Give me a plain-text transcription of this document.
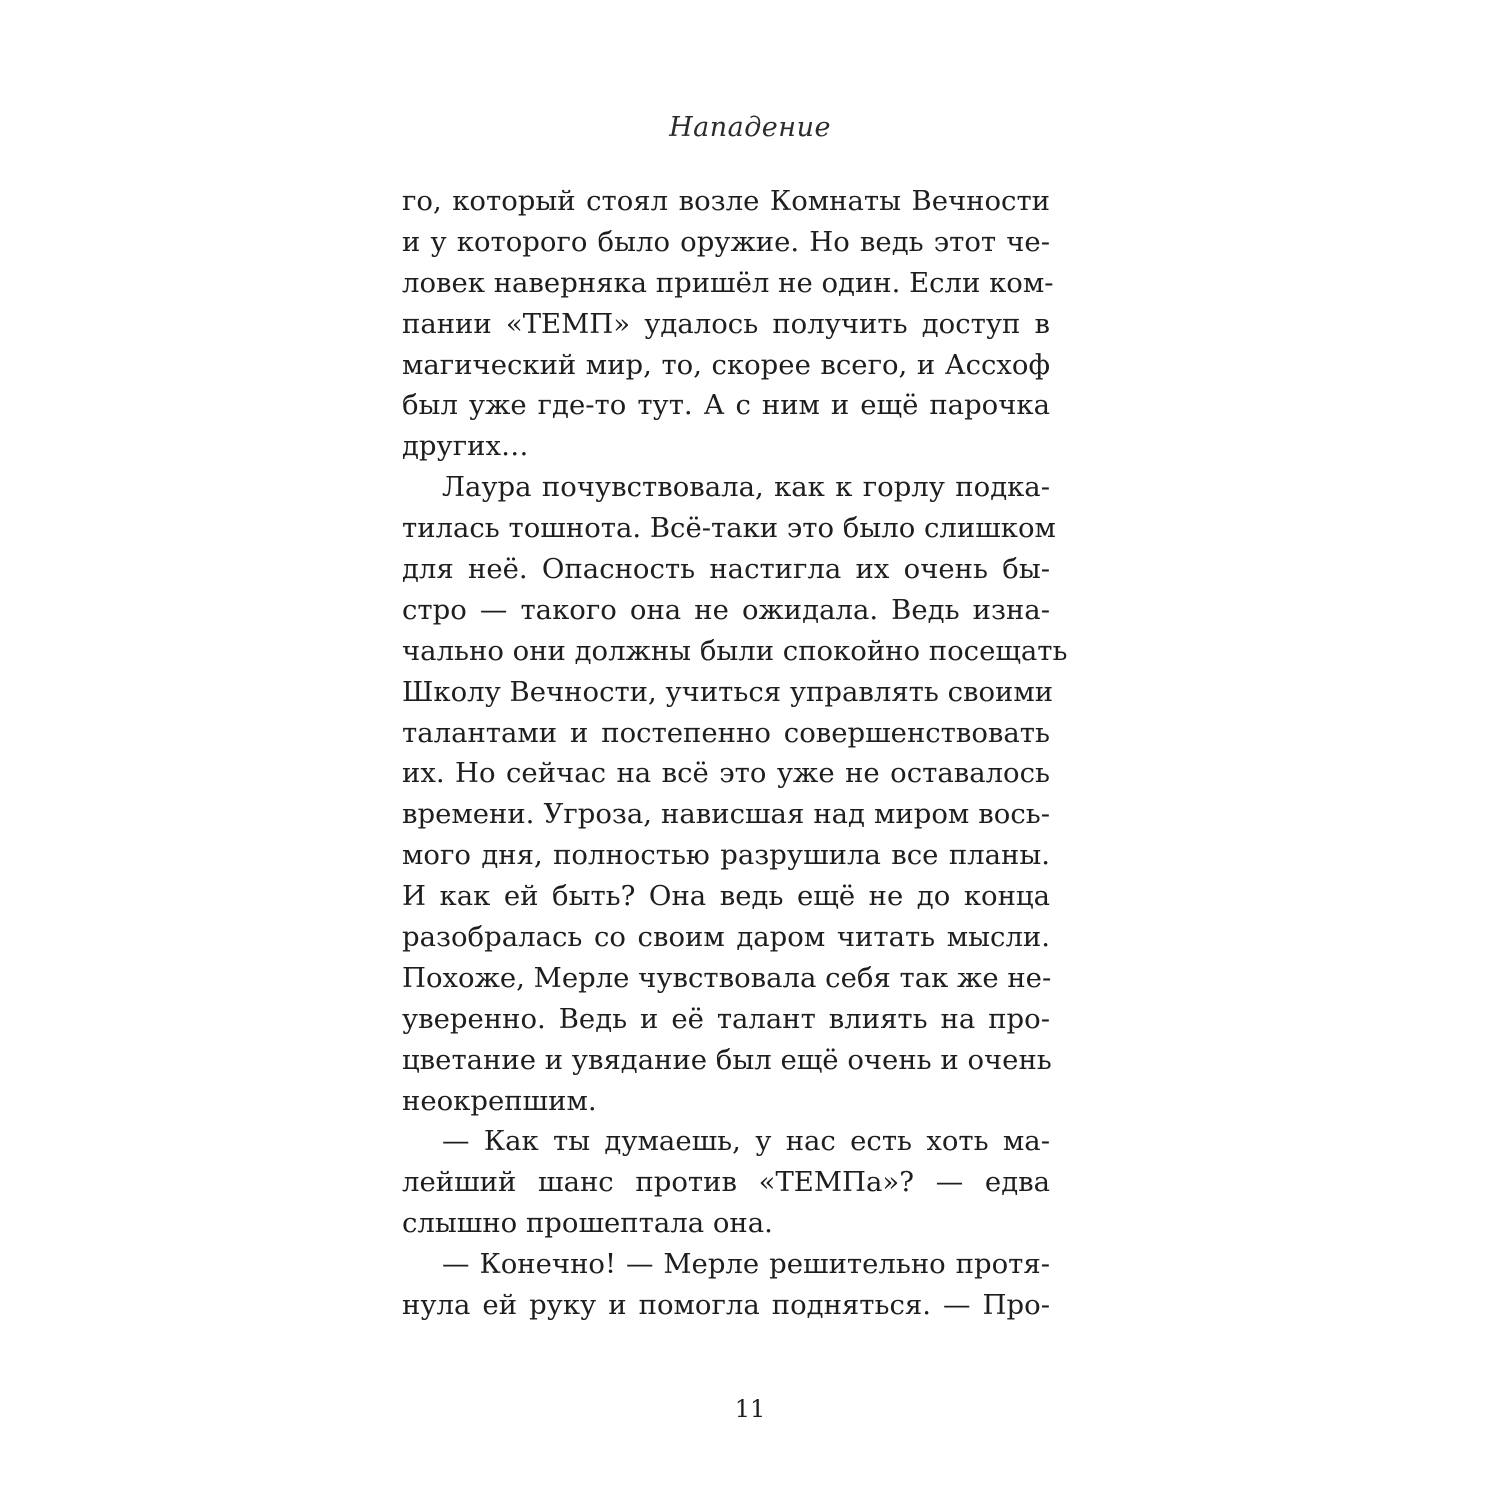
Нападение
го, который стоял возле Комнаты Вечности
и у которого было оружие. Но ведь этот че-
ловек наверняка пришёл не один. Если ком-
пании «ТЕМП» удалось получить доступ в
магический мир, то, скорее всего, и Ассхоф
был уже где-то тут. А с ним и ещё парочка
других…
Лаура почувствовала, как к горлу подка-
тилась тошнота. Всё-таки это было слишком
для неё. Опасность настигла их очень бы-
стро — такого она не ожидала. Ведь изна-
чально они должны были спокойно посещать
Школу Вечности, учиться управлять своими
талантами и постепенно совершенствовать
их. Но сейчас на всё это уже не оставалось
времени. Угроза, нависшая над миром вось-
мого дня, полностью разрушила все планы.
И как ей быть? Она ведь ещё не до конца
разобралась со своим даром читать мысли.
Похоже, Мерле чувствовала себя так же не-
уверенно. Ведь и её талант влиять на про-
цветание и увядание был ещё очень и очень
неокрепшим.
— Как ты думаешь, у нас есть хоть ма-
лейший шанс против «ТЕМПа»? — едва
слышно прошептала она.
— Конечно! — Мерле решительно протя-
нула ей руку и помогла подняться. — Про-
11
